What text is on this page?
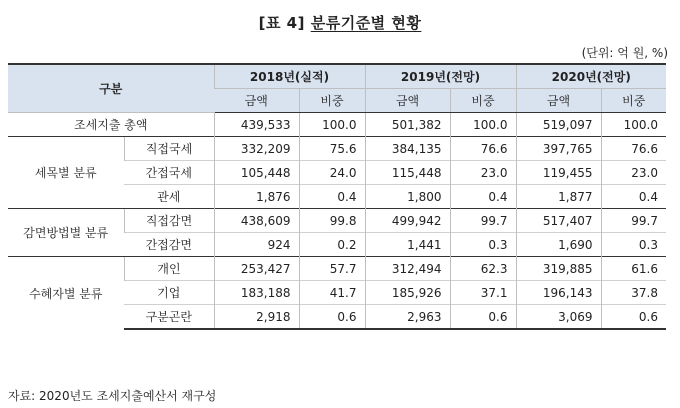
[표 4] 분류기준별 현황
(단위: 억 원, %)
구분		2018년(실적)		2019년(전망)		2020년(전망)	
		금액	비중	금액	비중	금액	비중
조세지출 총액		439,533	100.0	501,382	100.0	519,097	100.0
세목별 분류	직접국세	332,209	75.6	384,135	76.6	397,765	76.6
	간접국세	105,448	24.0	115,448	23.0	119,455	23.0
	관세	1,876	0.4	1,800	0.4	1,877	0.4
감면방법별 분류	직접감면	438,609	99.8	499,942	99.7	517,407	99.7
	간접감면	924	0.2	1,441	0.3	1,690	0.3
수혜자별 분류	개인	253,427	57.7	312,494	62.3	319,885	61.6
	기업	183,188	41.7	185,926	37.1	196,143	37.8
	구분곤란	2,918	0.6	2,963	0.6	3,069	0.6
자료: 2020년도 조세지출예산서 재구성
